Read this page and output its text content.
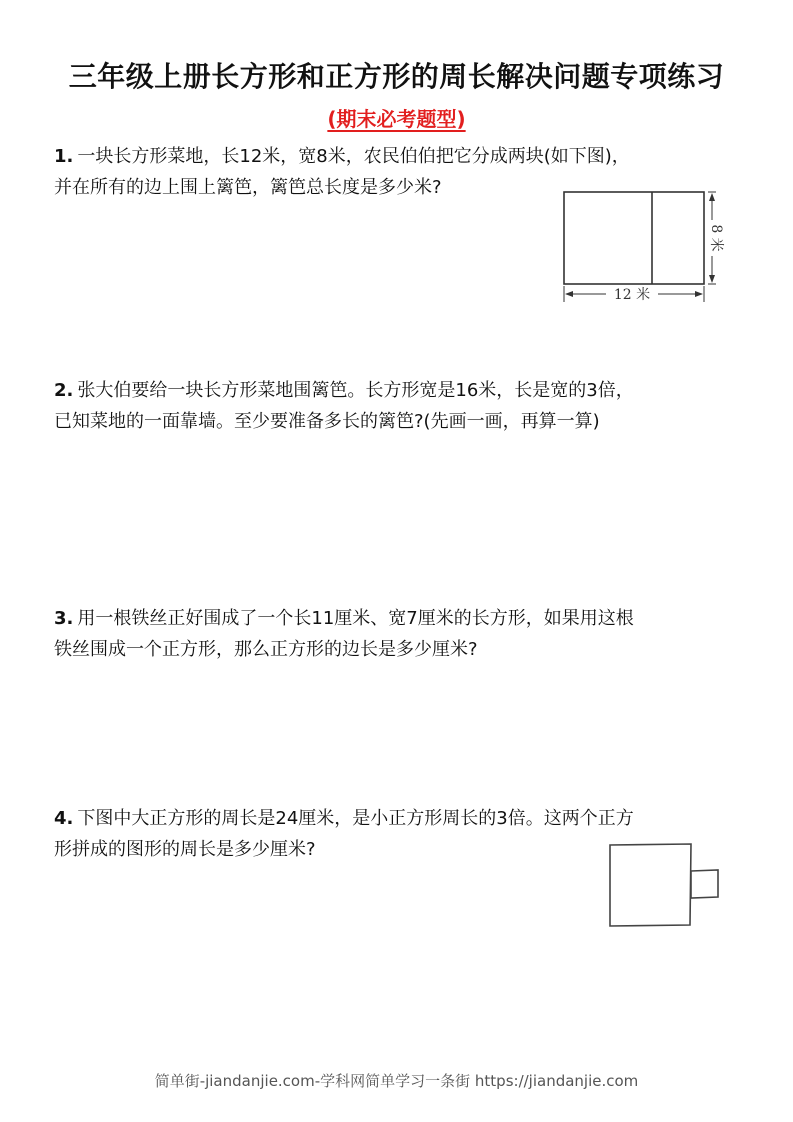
三年级上册长方形和正方形的周长解决问题专项练习
(期末必考题型)
1. 一块长方形菜地，长12米，宽8米，农民伯伯把它分成两块(如下图)，
并在所有的边上围上篱笆，篱笆总长度是多少米?
8 米
12 米
2. 张大伯要给一块长方形菜地围篱笆。长方形宽是16米，长是宽的3倍，
已知菜地的一面靠墙。至少要准备多长的篱笆?(先画一画，再算一算)
3. 用一根铁丝正好围成了一个长11厘米、宽7厘米的长方形，如果用这根
铁丝围成一个正方形，那么正方形的边长是多少厘米?
4. 下图中大正方形的周长是24厘米，是小正方形周长的3倍。这两个正方
形拼成的图形的周长是多少厘米?
简单街-jiandanjie.com-学科网简单学习一条街 https://jiandanjie.com
